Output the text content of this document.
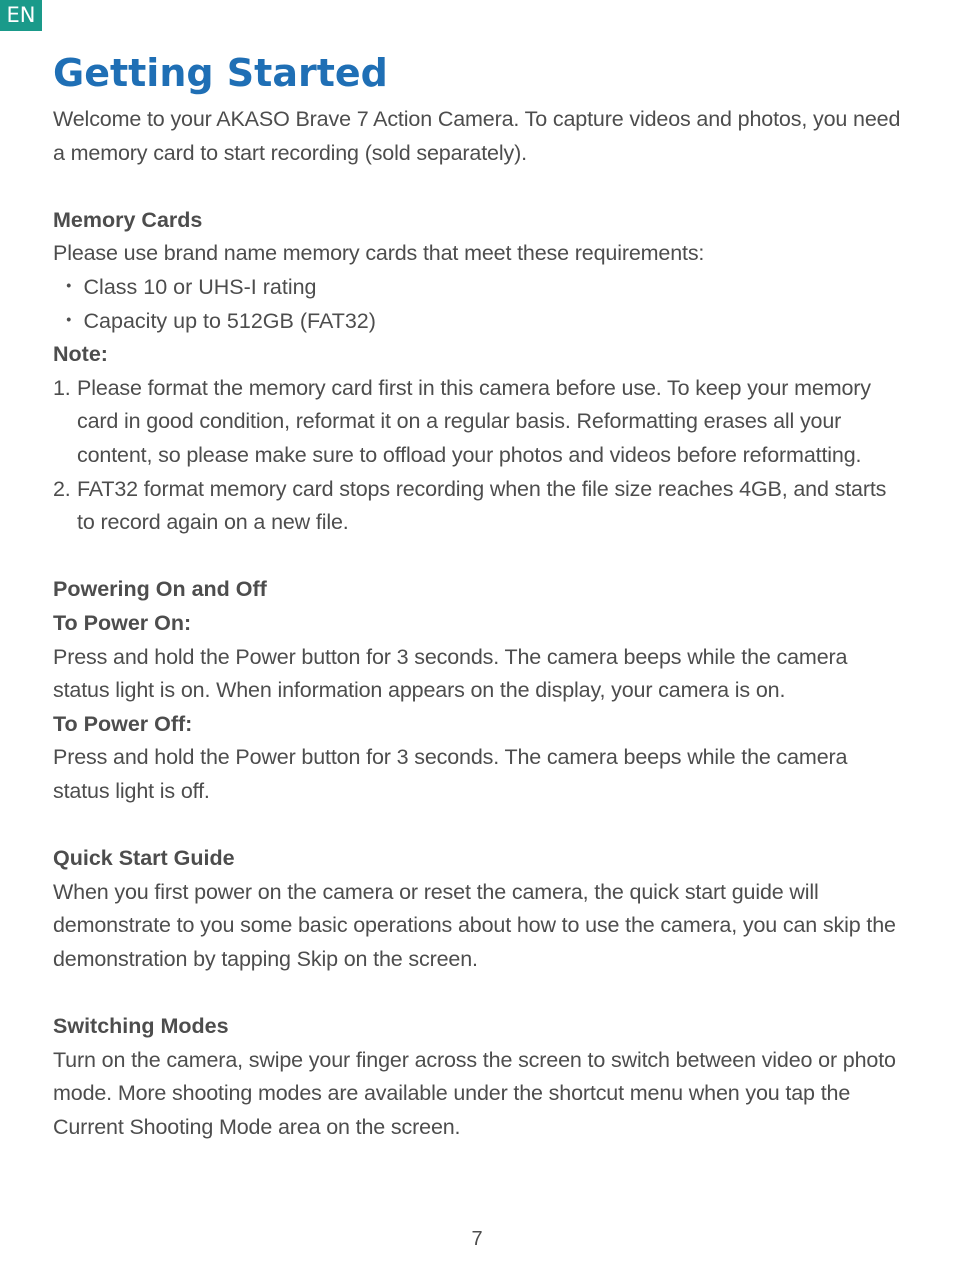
EN
Getting Started

Welcome to your AKASO Brave 7 Action Camera. To capture videos and photos, you need a memory card to start recording (sold separately).

Memory Cards

Please use brand name memory cards that meet these requirements:

・ Class 10 or UHS-I rating

・ Capacity up to 512GB (FAT32)

Note:

1. Please format the memory card first in this camera before use. To keep your memory card in good condition, reformat it on a regular basis. Reformatting erases all your content, so please make sure to offload your photos and videos before reformatting.
2. FAT32 format memory card stops recording when the file size reaches 4GB, and starts to record again on a new file.

Powering On and Off

To Power On:

Press and hold the Power button for 3 seconds. The camera beeps while the camera status light is on. When information appears on the display, your camera is on.

To Power Off:

Press and hold the Power button for 3 seconds. The camera beeps while the camera status light is off.

Quick Start Guide

When you first power on the camera or reset the camera, the quick start guide will demonstrate to you some basic operations about how to use the camera, you can skip the demonstration by tapping Skip on the screen.

Switching Modes

Turn on the camera, swipe your finger across the screen to switch between video or photo mode. More shooting modes are available under the shortcut menu when you tap the Current Shooting Mode area on the screen.

7
